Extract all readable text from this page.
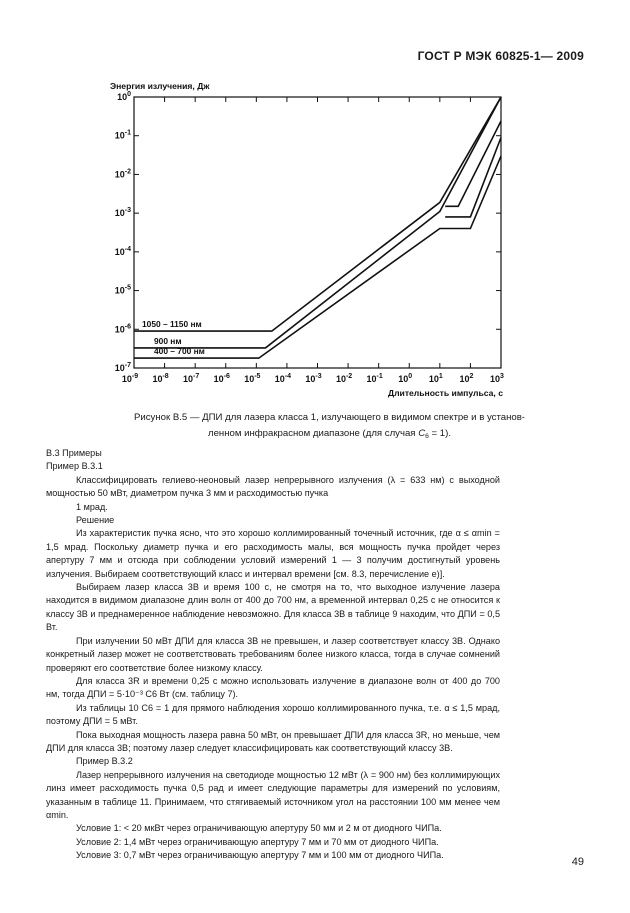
ГОСТ Р МЭК 60825-1— 2009
$10^0$
$10^{-1}$
$10^{-2}$
$10^{-3}$
$10^{-4}$
$10^{-5}$
$10^{-6}$
$10^{-7}$
$10^{-9}$ $10^{-8}$ $10^{-7}$ $10^{-6}$ $10^{-5}$ $10^{-4}$ $10^{-3}$ $10^{-2}$ $10^{-1}$ $10^0$ $10^1$ $10^2$ $10^3$
Энергия излучения, Дж
Длительность импульса, с
1050 – 1150 нм
900 нм
400 – 700 нм
Рисунок В.5 — ДПИ для лазера класса 1, излучающего в видимом спектре и в установ-
ленном инфракрасном диапазоне (для случая $C_6 = 1$).

В.3 Примеры

Пример В.3.1

Классифицировать гелиево-неоновый лазер непрерывного излучения (λ = 633 нм) с выходной мощностью 50 мВт, диаметром пучка 3 мм и расходимостью пучка

1 мрад.

Решение

Из характеристик пучка ясно, что это хорошо коллимированный точечный источник, где α ≤ αmin = 1,5 мрад. Поскольку диаметр пучка и его расходимость малы, вся мощность пучка пройдет через апертуру 7 мм и отсюда при соблюдении условий измерений 1 — 3 получим достигнутый уровень излучения. Выбираем соответствующий класс и интервал времени [см. 8.3, перечисление е)].

Выбираем лазер класса 3B и время 100 с, не смотря на то, что выходное излучение лазера находится в видимом диапазоне длин волн от 400 до 700 нм, а временной интервал 0,25 с не относится к классу 3B и преднамеренное наблюдение невозможно. Для класса 3B в таблице 9 находим, что ДПИ = 0,5 Вт.

При излучении 50 мВт ДПИ для класса 3B не превышен, и лазер соответствует классу 3B. Однако конкретный лазер может не соответствовать требованиям более низкого класса, тогда в случае сомнений проверяют его соответствие более низкому классу.

Для класса 3R и времени 0,25 с можно использовать излучение в диапазоне волн от 400 до 700 нм, тогда ДПИ = 5·10⁻³ C6 Вт (см. таблицу 7).

Из таблицы 10 C6 = 1 для прямого наблюдения хорошо коллимированного пучка, т.е. α ≤ 1,5 мрад, поэтому ДПИ = 5 мВт.

Пока выходная мощность лазера равна 50 мВт, он превышает ДПИ для класса 3R, но меньше, чем ДПИ для класса 3B; поэтому лазер следует классифицировать как соответствующий классу 3B.

Пример В.3.2

Лазер непрерывного излучения на светодиоде мощностью 12 мВт (λ = 900 нм) без коллимирующих линз имеет расходимость пучка 0,5 рад и имеет следующие параметры для измерений по условиям, указанным в таблице 11. Принимаем, что стягиваемый источником угол на расстоянии 100 мм менее чем αmin.

Условие 1: < 20 мкВт через ограничивающую апертуру 50 мм и 2 м от диодного ЧИПа.

Условие 2: 1,4 мВт через ограничивающую апертуру 7 мм и 70 мм от диодного ЧИПа.

Условие 3: 0,7 мВт через ограничивающую апертуру 7 мм и 100 мм от диодного ЧИПа.

49
